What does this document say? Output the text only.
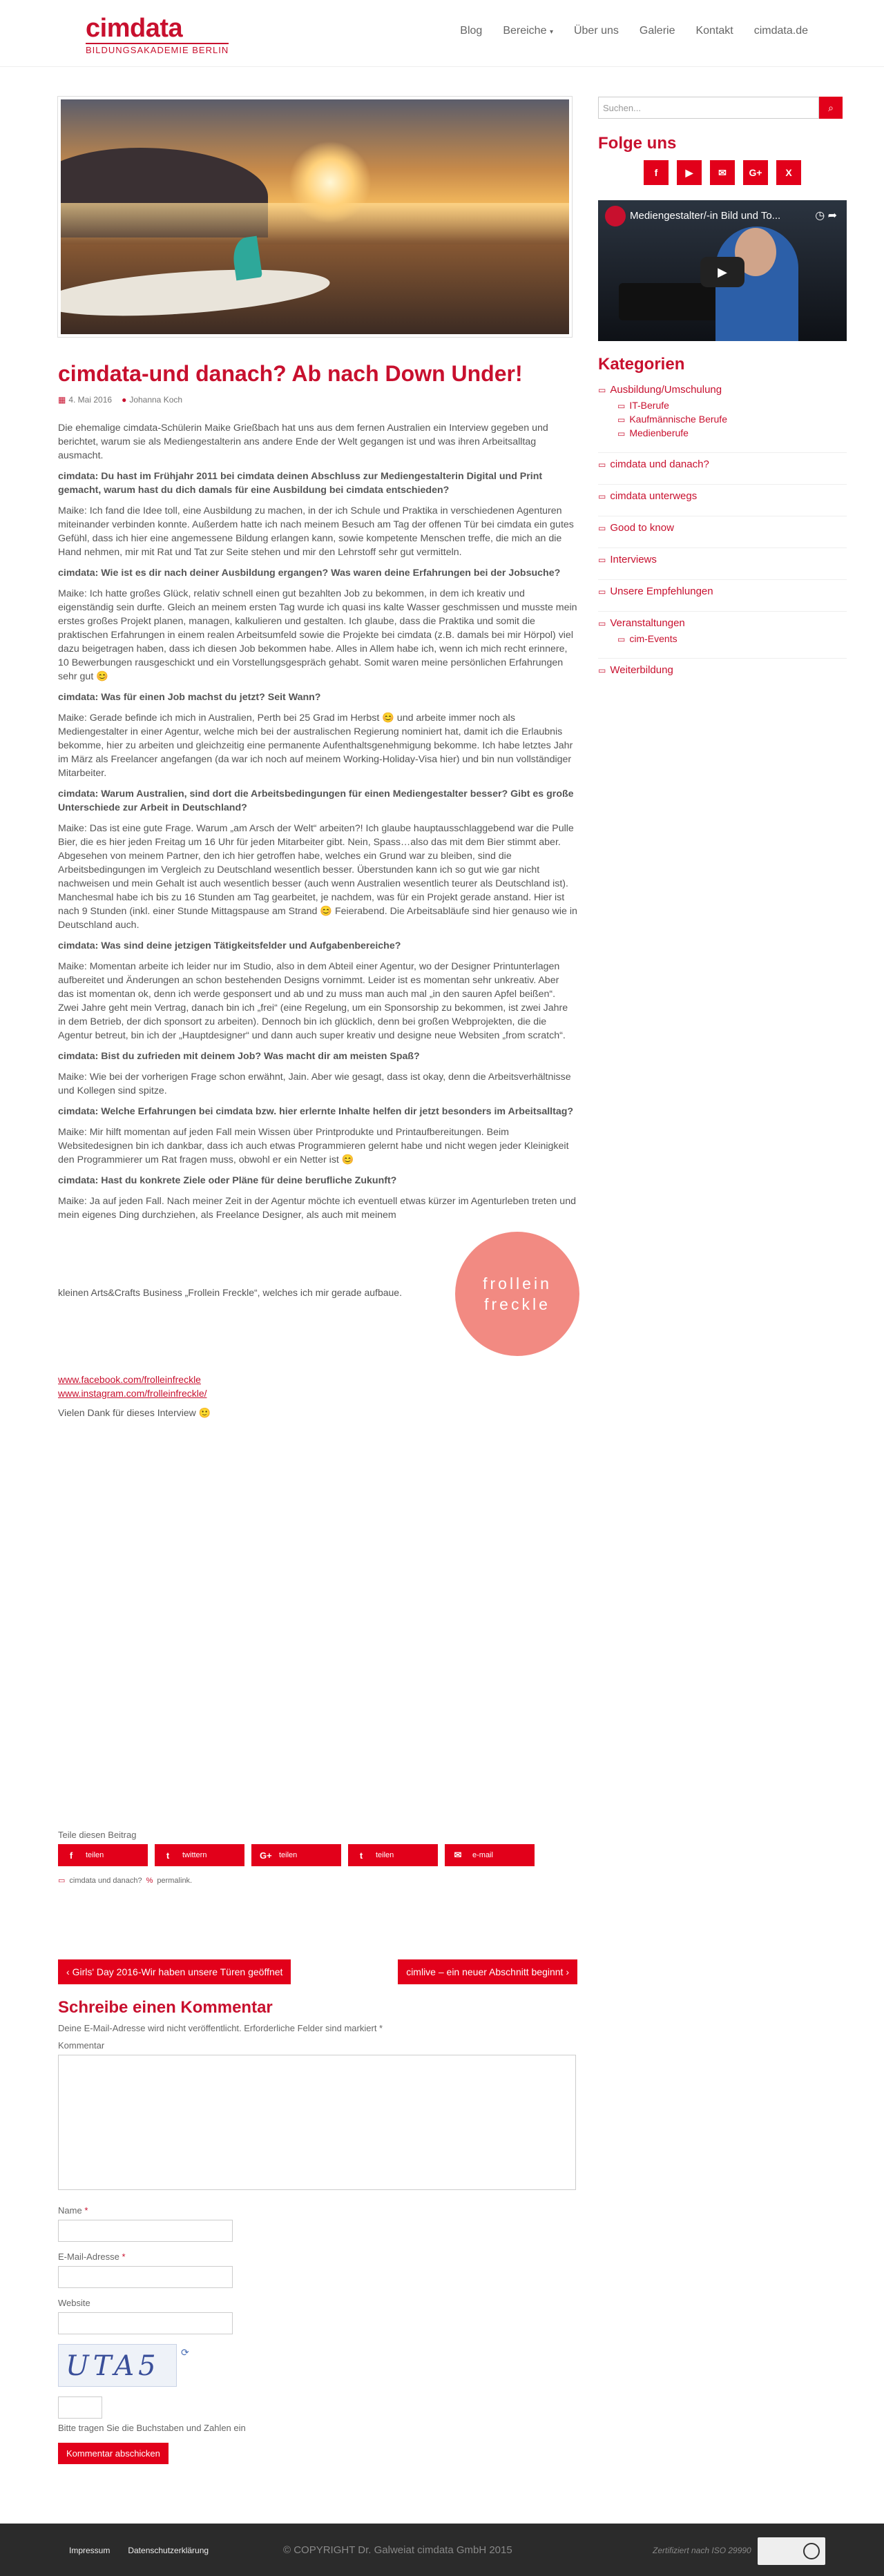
cimdata
BILDUNGSAKADEMIE BERLIN
Blog Bereiche ▾ Über uns Galerie Kontakt cimdata.de
cimdata-und danach? Ab nach Down Under!
▦ 4. Mai 2016 ● Johanna Koch

Die ehemalige cimdata-Schülerin Maike Grießbach hat uns aus dem fernen Australien ein Interview gegeben und berichtet, warum sie als Mediengestalterin ans andere Ende der Welt gegangen ist und was ihren Arbeitsalltag ausmacht.

cimdata: Du hast im Frühjahr 2011 bei cimdata deinen Abschluss zur Mediengestalterin Digital und Print gemacht, warum hast du dich damals für eine Ausbildung bei cimdata entschieden?

Maike: Ich fand die Idee toll, eine Ausbildung zu machen, in der ich Schule und Praktika in verschiedenen Agenturen miteinander verbinden konnte. Außerdem hatte ich nach meinem Besuch am Tag der offenen Tür bei cimdata ein gutes Gefühl, dass ich hier eine angemessene Bildung erlangen kann, sowie kompetente Menschen treffe, die mich an die Hand nehmen, mir mit Rat und Tat zur Seite stehen und mir den Lehrstoff sehr gut vermitteln.

cimdata: Wie ist es dir nach deiner Ausbildung ergangen? Was waren deine Erfahrungen bei der Jobsuche?

Maike: Ich hatte großes Glück, relativ schnell einen gut bezahlten Job zu bekommen, in dem ich kreativ und eigenständig sein durfte. Gleich an meinem ersten Tag wurde ich quasi ins kalte Wasser geschmissen und musste mein erstes großes Projekt planen, managen, kalkulieren und gestalten. Ich glaube, dass die Praktika und somit die praktischen Erfahrungen in einem realen Arbeitsumfeld sowie die Projekte bei cimdata (z.B. damals bei mir Hörpol) viel dazu beigetragen haben, dass ich diesen Job bekommen habe. Alles in Allem habe ich, wenn ich mich recht erinnere, 10 Bewerbungen rausgeschickt und ein Vorstellungsgespräch gehabt. Somit waren meine persönlichen Erfahrungen sehr gut 😊

cimdata: Was für einen Job machst du jetzt? Seit Wann?

Maike: Gerade befinde ich mich in Australien, Perth bei 25 Grad im Herbst 😊 und arbeite immer noch als Mediengestalter in einer Agentur, welche mich bei der australischen Regierung nominiert hat, damit ich die Erlaubnis bekomme, hier zu arbeiten und gleichzeitig eine permanente Aufenthaltsgenehmigung bekomme. Ich habe letztes Jahr im März als Freelancer angefangen (da war ich noch auf meinem Working-Holiday-Visa hier) und bin nun vollständiger Mitarbeiter.

cimdata: Warum Australien, sind dort die Arbeitsbedingungen für einen Mediengestalter besser? Gibt es große Unterschiede zur Arbeit in Deutschland?

Maike: Das ist eine gute Frage. Warum „am Arsch der Welt“ arbeiten?! Ich glaube hauptausschlaggebend war die Pulle Bier, die es hier jeden Freitag um 16 Uhr für jeden Mitarbeiter gibt. Nein, Spass…also das mit dem Bier stimmt aber. Abgesehen von meinem Partner, den ich hier getroffen habe, welches ein Grund war zu bleiben, sind die Arbeitsbedingungen im Vergleich zu Deutschland wesentlich besser. Überstunden kann ich so gut wie gar nicht nachweisen und mein Gehalt ist auch wesentlich besser (auch wenn Australien wesentlich teurer als Deutschland ist). Manchesmal habe ich bis zu 16 Stunden am Tag gearbeitet, je nachdem, was für ein Projekt gerade anstand. Hier ist nach 9 Stunden (inkl. einer Stunde Mittagspause am Strand 😊 Feierabend. Die Arbeitsabläufe sind hier genauso wie in Deutschland auch.

cimdata: Was sind deine jetzigen Tätigkeitsfelder und Aufgabenbereiche?

Maike: Momentan arbeite ich leider nur im Studio, also in dem Abteil einer Agentur, wo der Designer Printunterlagen aufbereitet und Änderungen an schon bestehenden Designs vornimmt. Leider ist es momentan sehr unkreativ. Aber das ist momentan ok, denn ich werde gesponsert und ab und zu muss man auch mal „in den sauren Apfel beißen“. Zwei Jahre geht mein Vertrag, danach bin ich „frei“ (eine Regelung, um ein Sponsorship zu bekommen, ist zwei Jahre in dem Betrieb, der dich sponsort zu arbeiten). Dennoch bin ich glücklich, denn bei großen Webprojekten, die die Agentur betreut, bin ich der „Hauptdesigner“ und dann auch super kreativ und designe neue Websiten „from scratch“.

cimdata: Bist du zufrieden mit deinem Job? Was macht dir am meisten Spaß?

Maike: Wie bei der vorherigen Frage schon erwähnt, Jain. Aber wie gesagt, dass ist okay, denn die Arbeitsverhältnisse und Kollegen sind spitze.

cimdata: Welche Erfahrungen bei cimdata bzw. hier erlernte Inhalte helfen dir jetzt besonders im Arbeitsalltag?

Maike: Mir hilft momentan auf jeden Fall mein Wissen über Printprodukte und Printaufbereitungen. Beim Websitedesignen bin ich dankbar, dass ich auch etwas Programmieren gelernt habe und nicht wegen jeder Kleinigkeit den Programmierer um Rat fragen muss, obwohl er ein Netter ist 😊

cimdata: Hast du konkrete Ziele oder Pläne für deine berufliche Zukunft?

Maike: Ja auf jeden Fall. Nach meiner Zeit in der Agentur möchte ich eventuell etwas kürzer im Agenturleben treten und mein eigenes Ding durchziehen, als Freelance Designer, als auch mit meinem

kleinen Arts&Crafts Business „Frollein Freckle“, welches ich mir gerade aufbaue.	frollein
freckle
www.facebook.com/frolleinfreckle
www.instagram.com/frolleinfreckle/
Vielen Dank für dieses Interview 🙂
Teile diesen Beitrag
f	teilen	t	twittern	G+ teilen	t	teilen	✉ e-mail
▭ cimdata und danach? % permalink.
‹ Girls' Day 2016-Wir haben unsere Türen geöffnet	cimlive – ein neuer Abschnitt beginnt ›
Schreibe einen Kommentar
Deine E-Mail-Adresse wird nicht veröffentlicht. Erforderliche Felder sind markiert *
Kommentar
Name *
E-Mail-Adresse *
Website
UTA5	⟳
Bitte tragen Sie die Buchstaben und Zahlen ein
Kommentar abschicken
Suchen...	⌕
Folge uns
f	▶	✉	G+	X
Mediengestalter/-in Bild und To...	◷ ➦
▶
Kategorien
▭ Ausbildung/Umschulung
▭ IT-Berufe
▭ Kaufmännische Berufe
▭ Medienberufe
▭ cimdata und danach?
▭ cimdata unterwegs
▭ Good to know
▭ Interviews
▭ Unsere Empfehlungen
▭ Veranstaltungen
▭ cim-Events
▭ Weiterbildung
Impressum Datenschutzerklärung	© COPYRIGHT Dr. Galweiat cimdata GmbH 2015	Zertifiziert nach ISO 29990
